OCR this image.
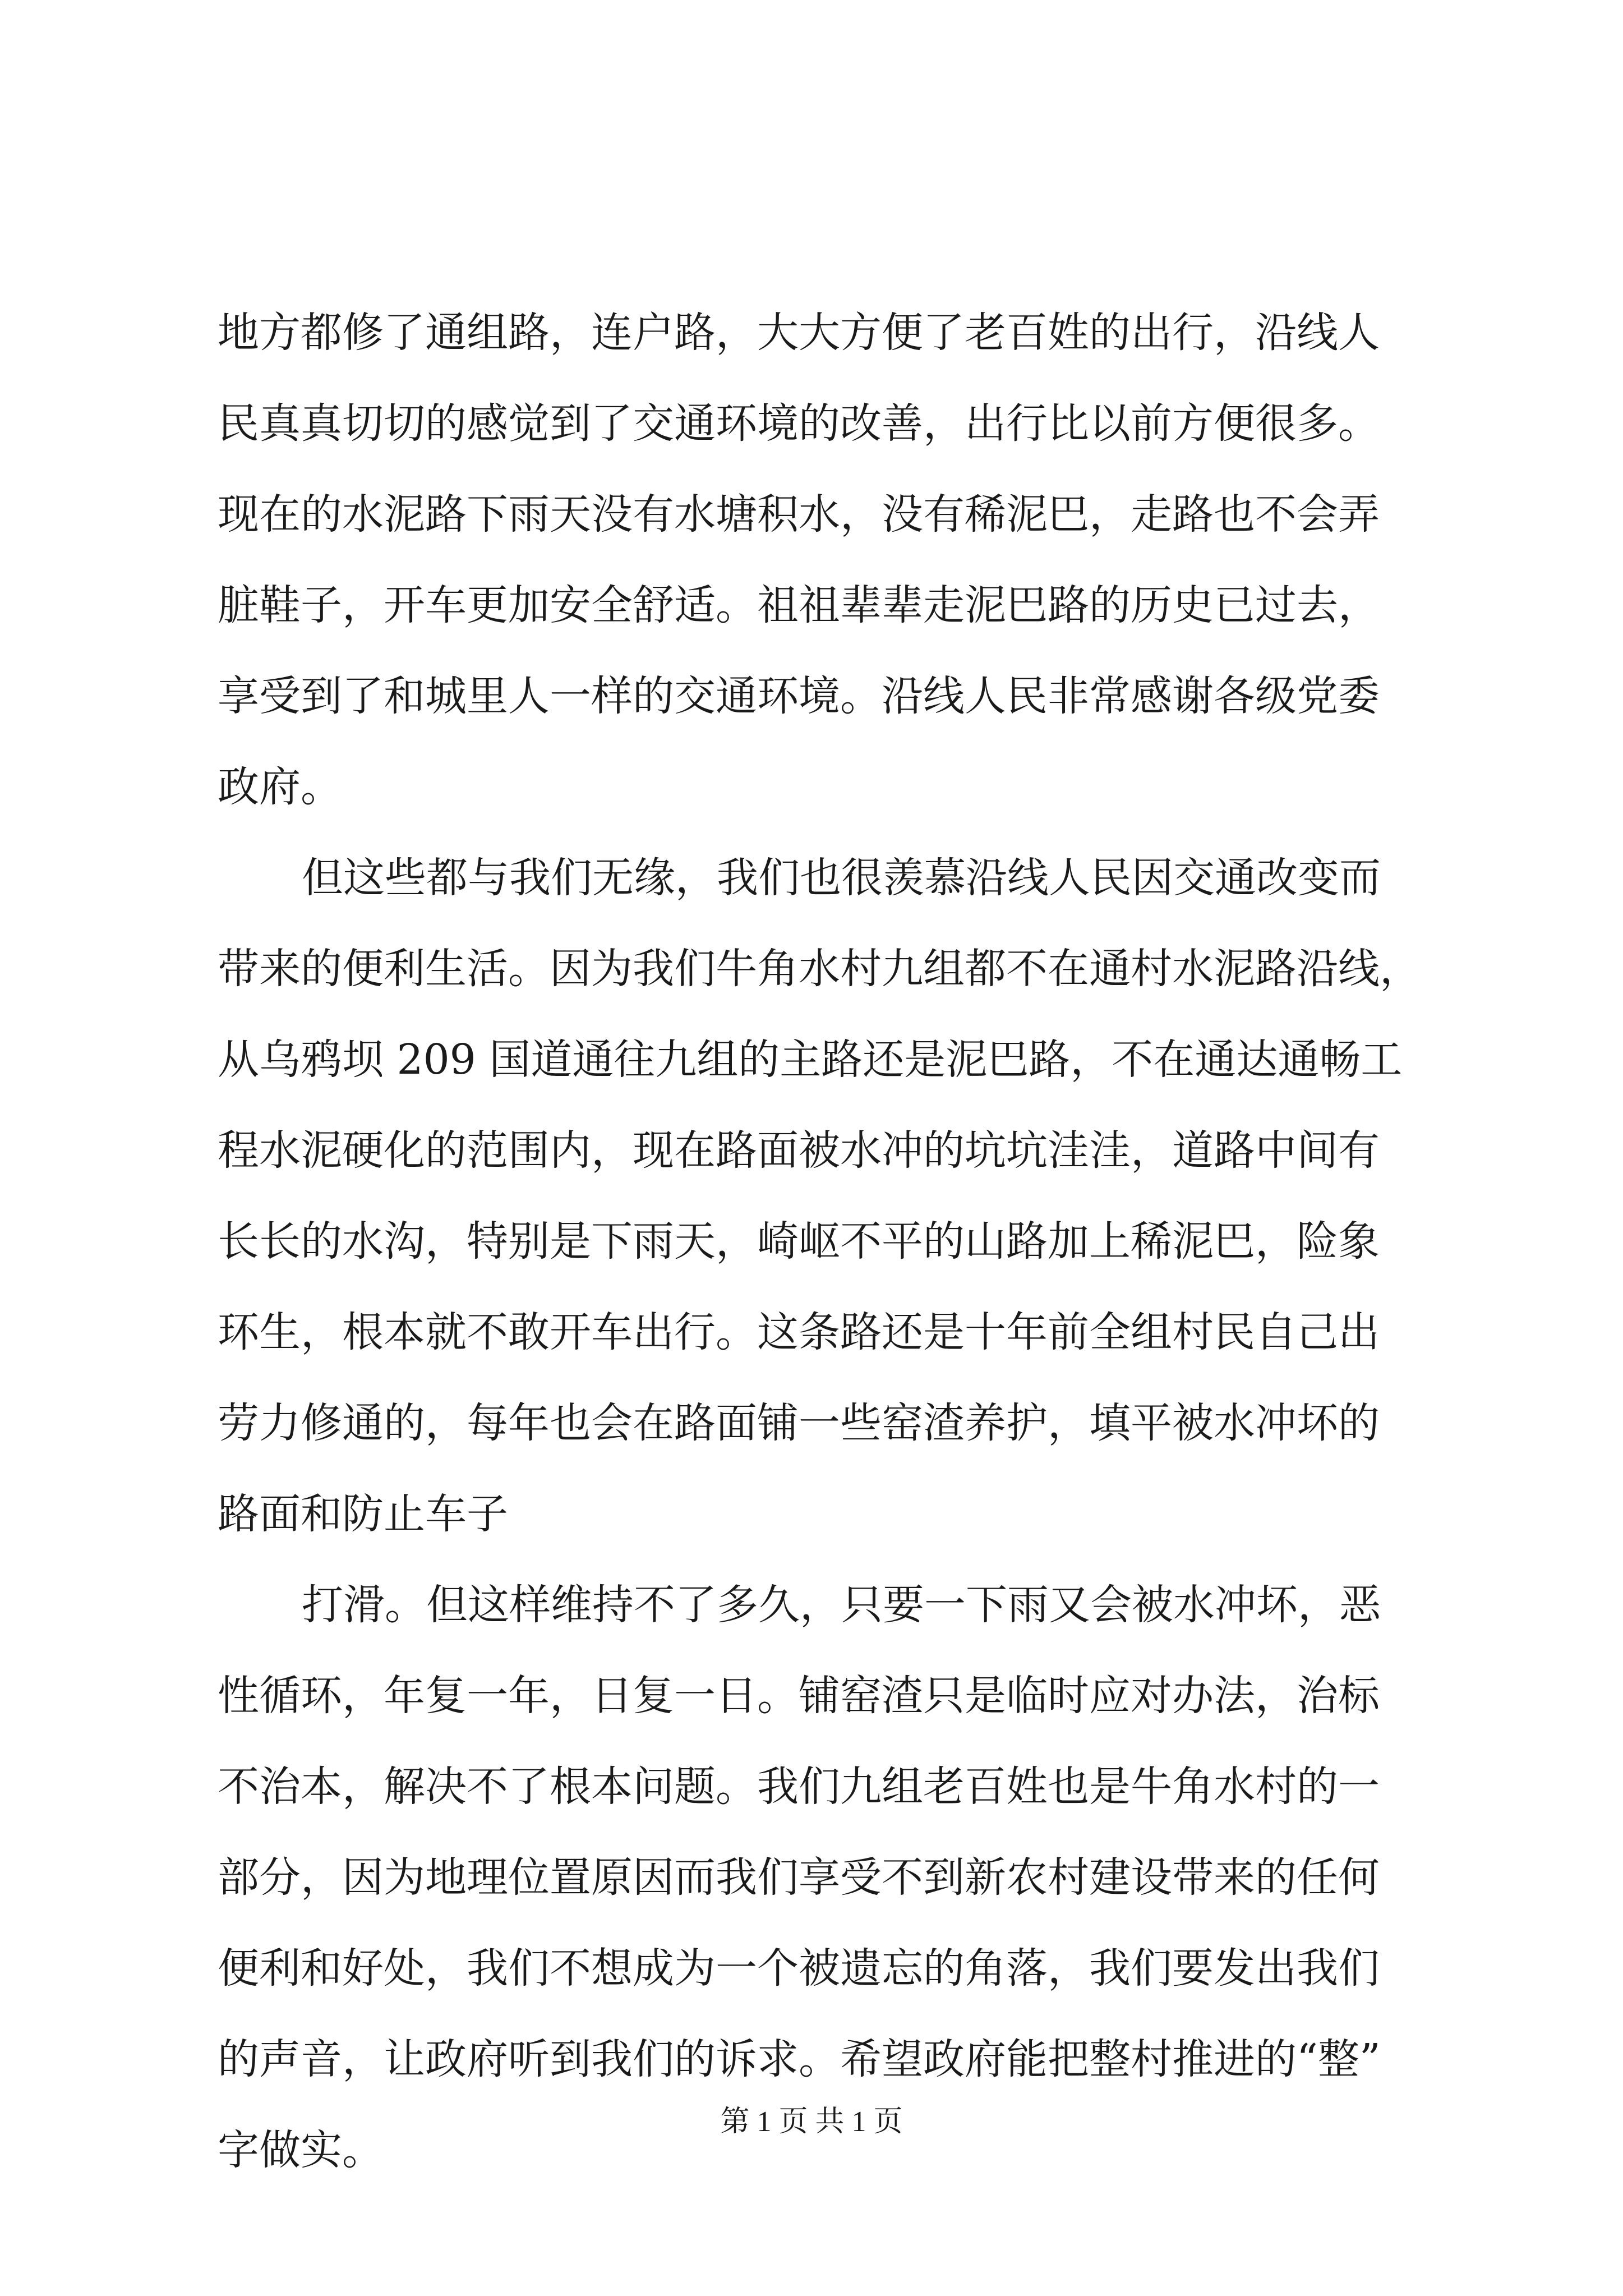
地方都修了通组路，连户路，大大方便了老百姓的出行，沿线人
民真真切切的感觉到了交通环境的改善，出行比以前方便很多。
现在的水泥路下雨天没有水塘积水，没有稀泥巴，走路也不会弄
脏鞋子，开车更加安全舒适。祖祖辈辈走泥巴路的历史已过去，
享受到了和城里人一样的交通环境。沿线人民非常感谢各级党委
政府。
但这些都与我们无缘，我们也很羡慕沿线人民因交通改变而
带来的便利生活。因为我们牛角水村九组都不在通村水泥路沿线，
从乌鸦坝 209 国道通往九组的主路还是泥巴路，不在通达通畅工
程水泥硬化的范围内，现在路面被水冲的坑坑洼洼，道路中间有
长长的水沟，特别是下雨天，崎岖不平的山路加上稀泥巴，险象
环生，根本就不敢开车出行。这条路还是十年前全组村民自己出
劳力修通的，每年也会在路面铺一些窑渣养护，填平被水冲坏的
路面和防止车子
打滑。但这样维持不了多久，只要一下雨又会被水冲坏，恶
性循环，年复一年，日复一日。铺窑渣只是临时应对办法，治标
不治本，解决不了根本问题。我们九组老百姓也是牛角水村的一
部分，因为地理位置原因而我们享受不到新农村建设带来的任何
便利和好处，我们不想成为一个被遗忘的角落，我们要发出我们
的声音，让政府听到我们的诉求。希望政府能把整村推进的“整”
字做实。
第 1 页 共 1 页
